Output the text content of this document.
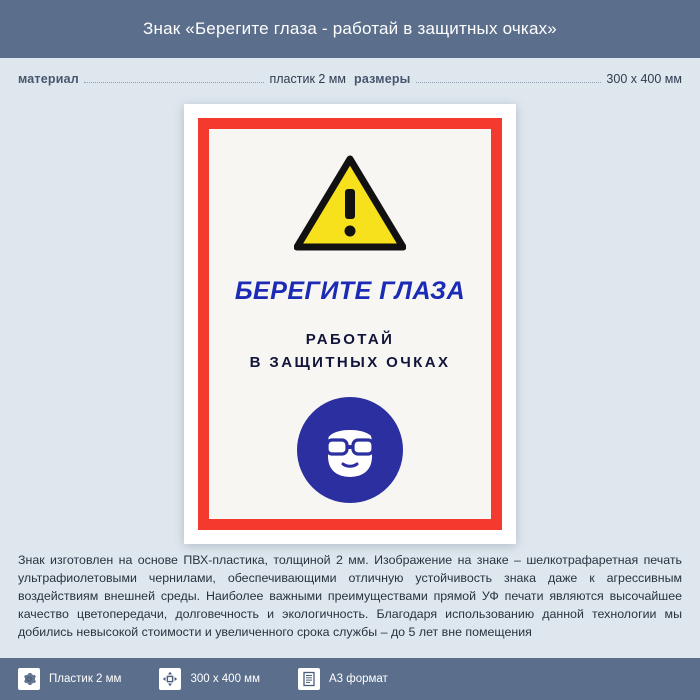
Знак «Берегите глаза - работай в защитных очках»
материал	пластик 2 мм размеры	300 x 400 мм
БЕРЕГИТЕ ГЛАЗА
РАБОТАЙ
В ЗАЩИТНЫХ ОЧКАХ
Знак изготовлен на основе ПВХ-пластика, толщиной 2 мм. Изображение на знаке – шелкотрафаретная печать ультрафиолетовыми чернилами, обеспечивающими отличную устойчивость знака даже к агрессивным воздействиям внешней среды. Наиболее важными преимуществами прямой УФ печати являются высочайшее качество цветопередачи, долговечность и экологичность. Благодаря использованию данной технологии мы добились невысокой стоимости и увеличенного срока службы – до 5 лет вне помещения
Пластик 2 мм	300 x 400 мм	A3 формат
